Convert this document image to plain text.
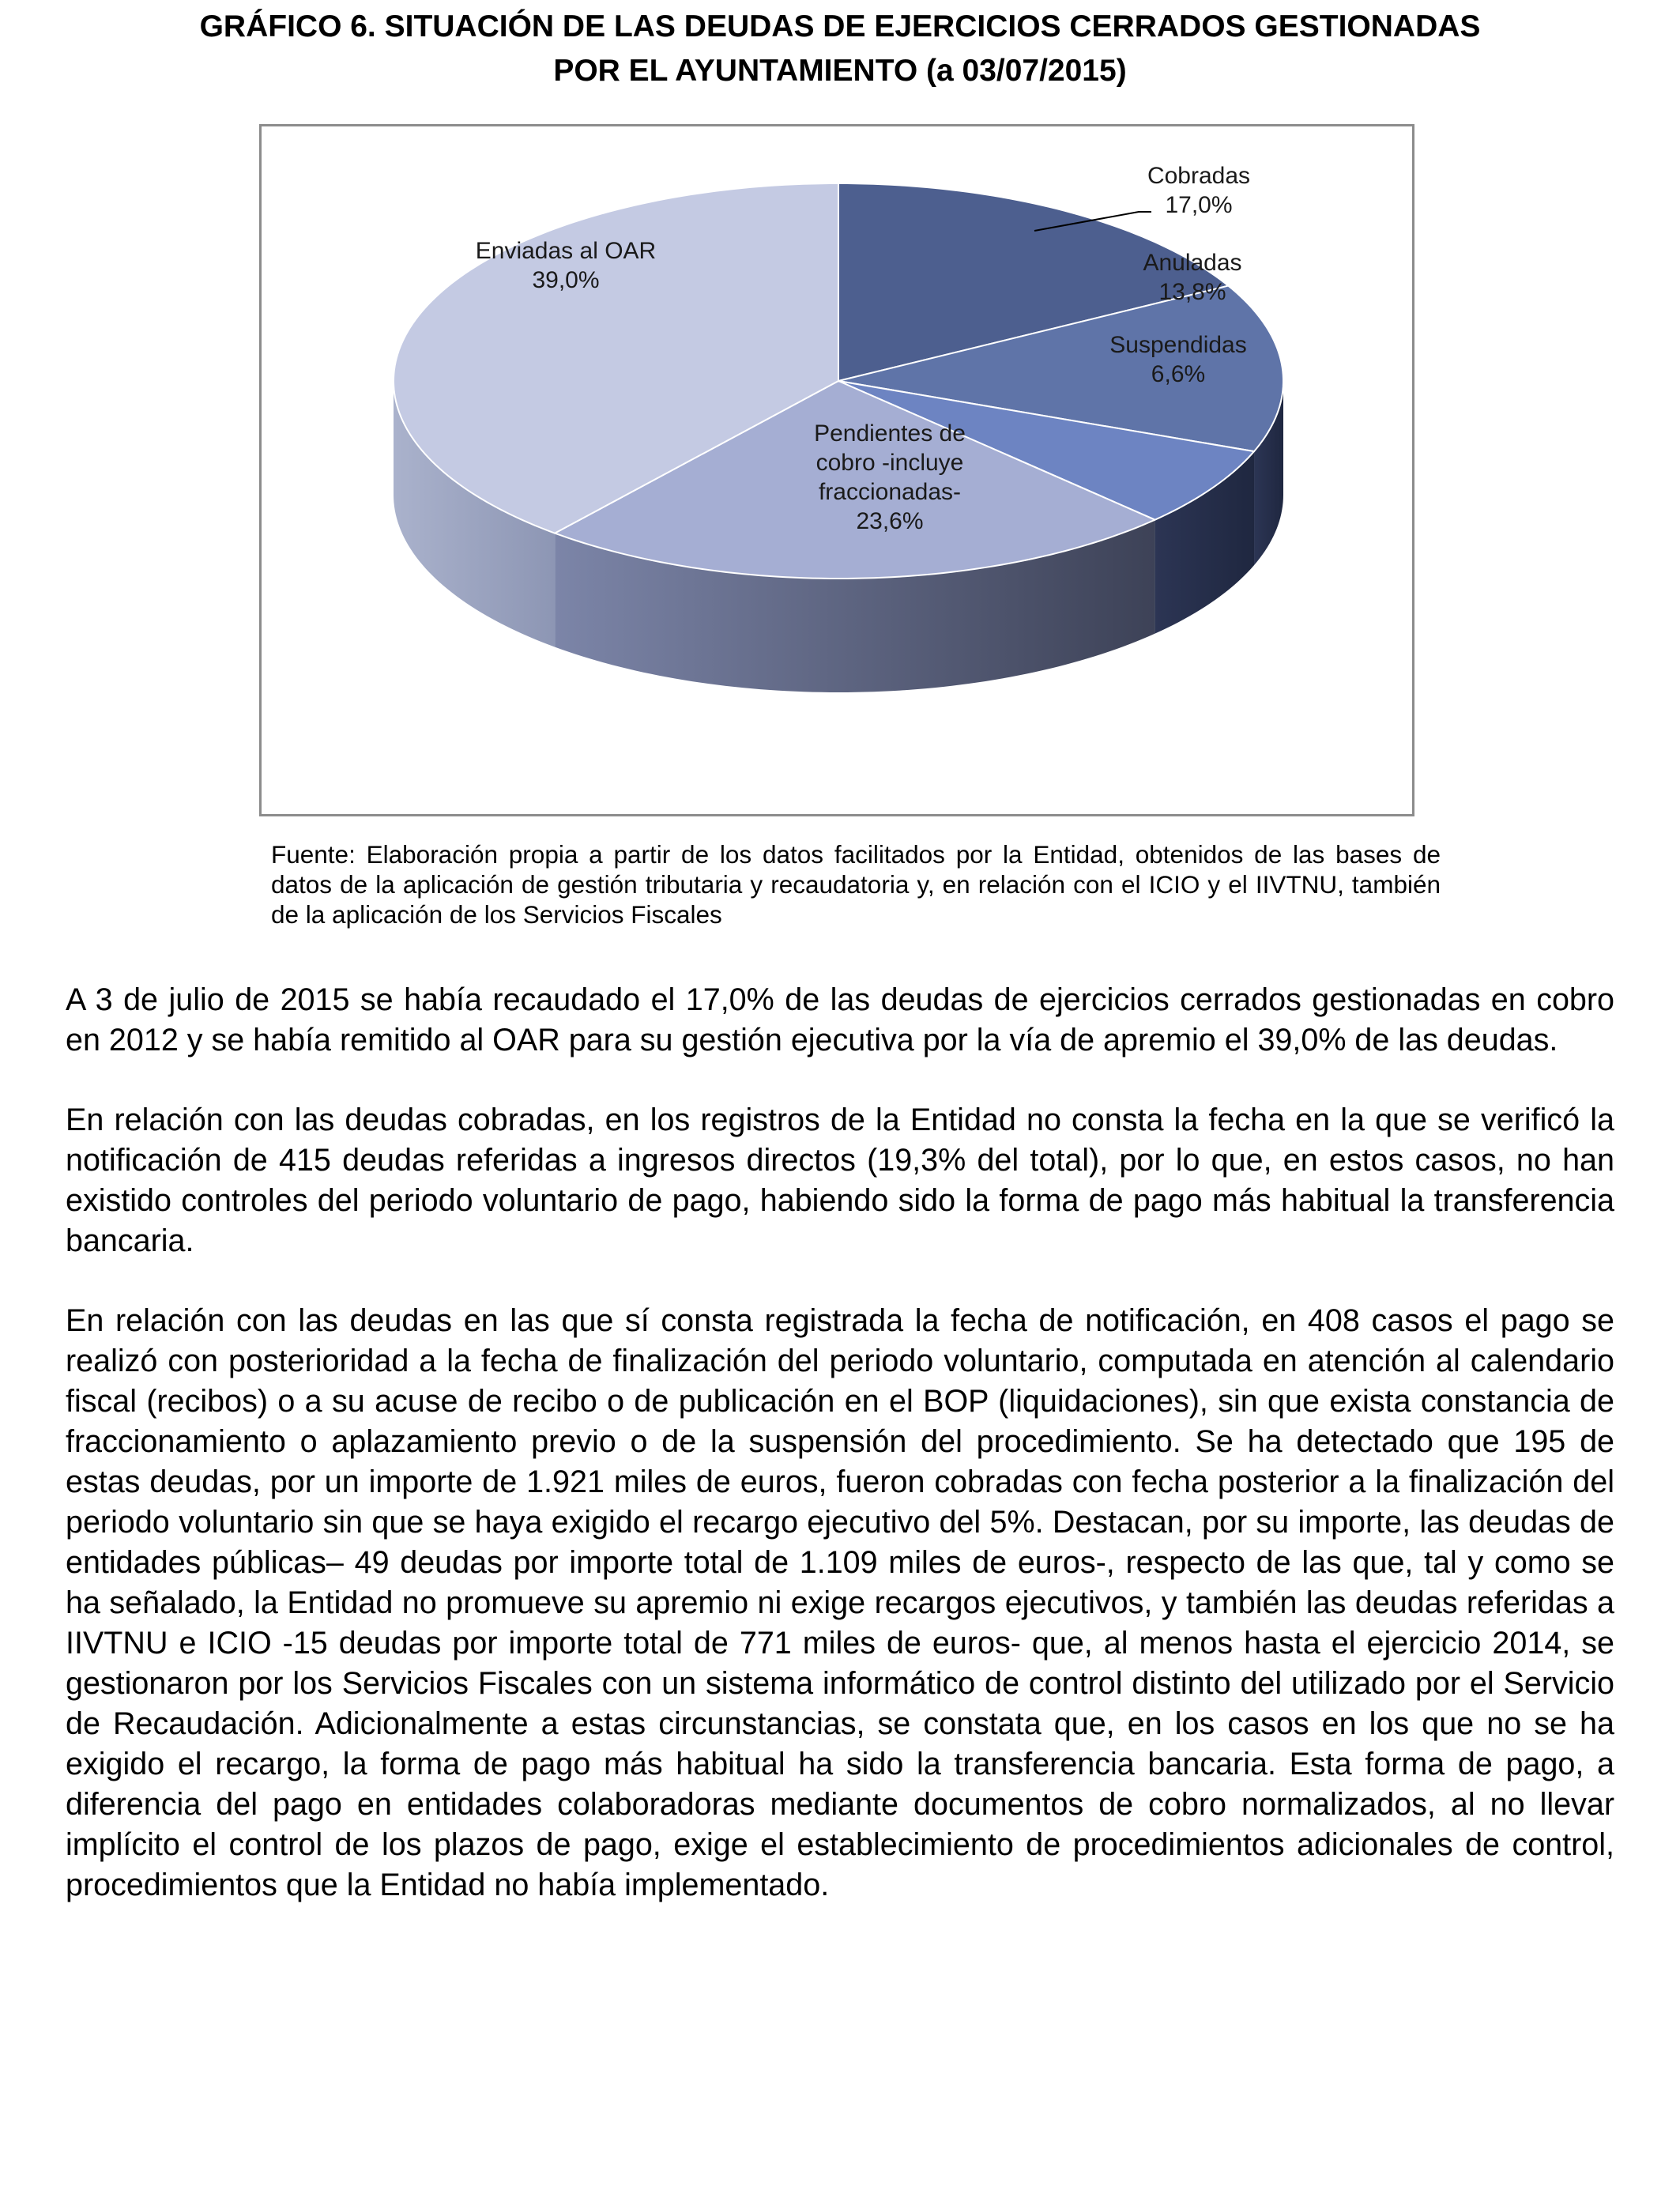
GRÁFICO 6. SITUACIÓN DE LAS DEUDAS DE EJERCICIOS CERRADOS GESTIONADAS
POR EL AYUNTAMIENTO (a 03/07/2015)
Cobradas
17,0%
Anuladas
13,8%
Suspendidas
6,6%
Pendientes de
cobro -incluye
fraccionadas-
23,6%
Enviadas al OAR
39,0%
Fuente: Elaboración propia a partir de los datos facilitados por la Entidad, obtenidos de las bases de datos de la aplicación de gestión tributaria y recaudatoria y, en relación con el ICIO y el IIVTNU, también de la aplicación de los Servicios Fiscales

A 3 de julio de 2015 se había recaudado el 17,0% de las deudas de ejercicios cerrados gestionadas en cobro en 2012 y se había remitido al OAR para su gestión ejecutiva por la vía de apremio el 39,0% de las deudas.

En relación con las deudas cobradas, en los registros de la Entidad no consta la fecha en la que se verificó la notificación de 415 deudas referidas a ingresos directos (19,3% del total), por lo que, en estos casos, no han existido controles del periodo voluntario de pago, habiendo sido la forma de pago más habitual la transferencia bancaria.

En relación con las deudas en las que sí consta registrada la fecha de notificación, en 408 casos el pago se realizó con posterioridad a la fecha de finalización del periodo voluntario, computada en atención al calendario fiscal (recibos) o a su acuse de recibo o de publicación en el BOP (liquidaciones), sin que exista constancia de fraccionamiento o aplazamiento previo o de la suspensión del procedimiento. Se ha detectado que 195 de estas deudas, por un importe de 1.921 miles de euros, fueron cobradas con fecha posterior a la finalización del periodo voluntario sin que se haya exigido el recargo ejecutivo del 5%. Destacan, por su importe, las deudas de entidades públicas– 49 deudas por importe total de 1.109 miles de euros-, respecto de las que, tal y como se ha señalado, la Entidad no promueve su apremio ni exige recargos ejecutivos, y también las deudas referidas a IIVTNU e ICIO -15 deudas por importe total de 771 miles de euros- que, al menos hasta el ejercicio 2014, se gestionaron por los Servicios Fiscales con un sistema informático de control distinto del utilizado por el Servicio de Recaudación. Adicionalmente a estas circunstancias, se constata que, en los casos en los que no se ha exigido el recargo, la forma de pago más habitual ha sido la transferencia bancaria. Esta forma de pago, a diferencia del pago en entidades colaboradoras mediante documentos de cobro normalizados, al no llevar implícito el control de los plazos de pago, exige el establecimiento de procedimientos adicionales de control, procedimientos que la Entidad no había implementado.
